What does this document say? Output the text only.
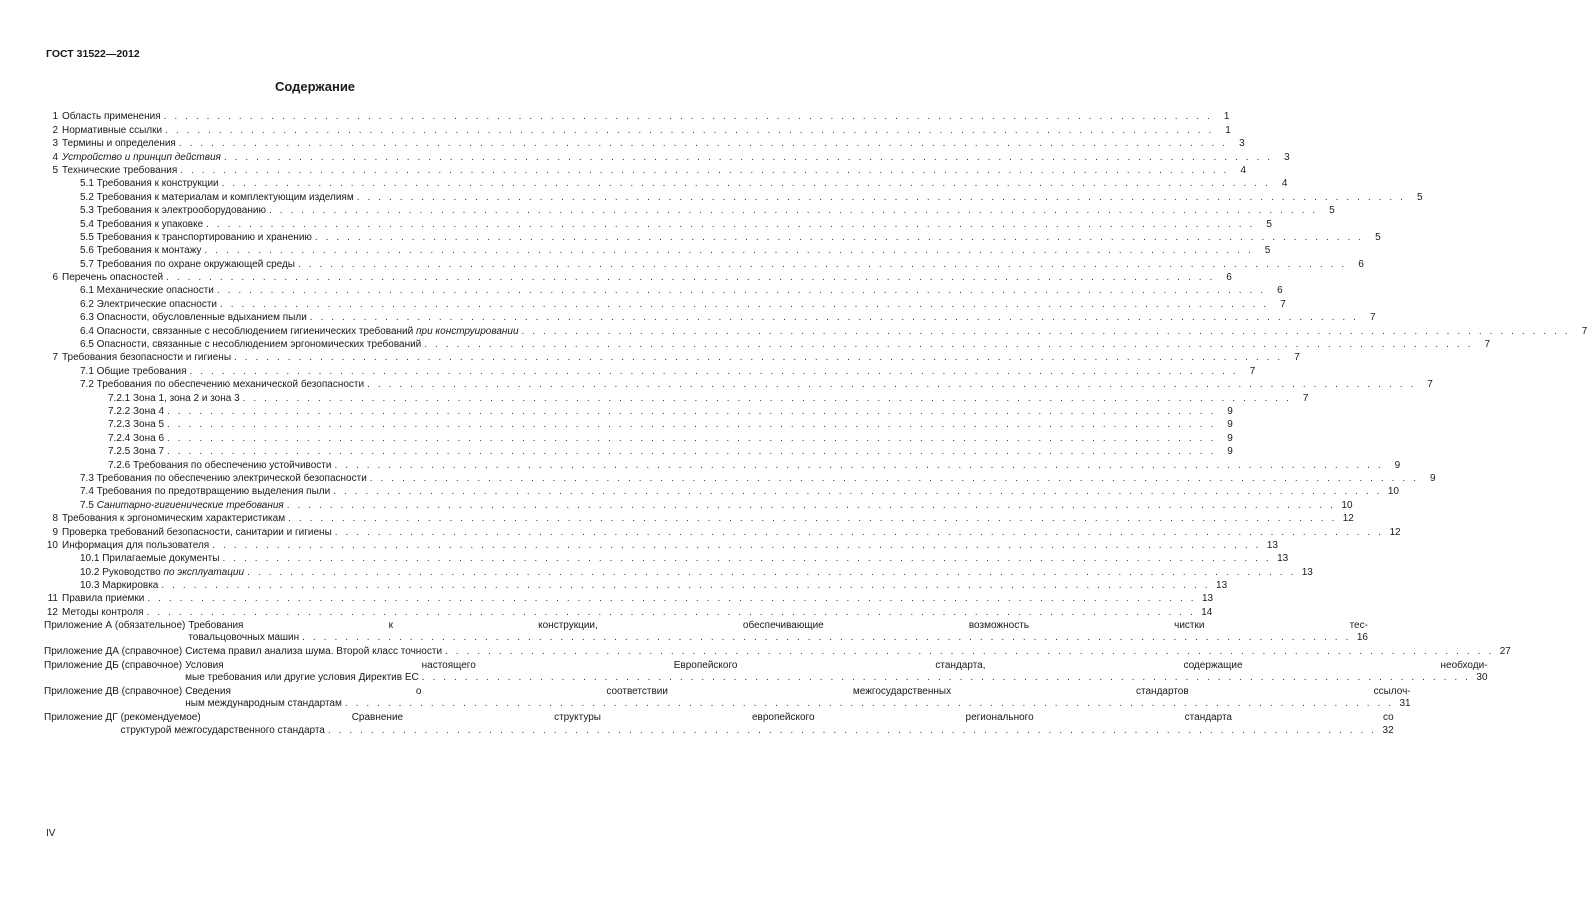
ГОСТ 31522—2012
Содержание
1 Область применения . . .	1
2 Нормативные ссылки . . .	1
3 Термины и определения . . .	3
4 Устройство и принцип действия . . .	3
5 Технические требования . . .	4
5.1 Требования к конструкции . . .	4
5.2 Требования к материалам и комплектующим изделиям . . .	5
5.3 Требования к электрооборудованию . . .	5
5.4 Требования к упаковке . . .	5
5.5 Требования к транспортированию и хранению . . .	5
5.6 Требования к монтажу . . .	5
5.7 Требования по охране окружающей среды . . .	6
6 Перечень опасностей . . .	6
6.1 Механические опасности . . .	6
6.2 Электрические опасности . . .	7
6.3 Опасности, обусловленные вдыханием пыли . . .	7
6.4 Опасности, связанные с несоблюдением гигиенических требований при конструировании . . .	7
6.5 Опасности, связанные с несоблюдением эргономических требований . . .	7
7 Требования безопасности и гигиены . . .	7
7.1 Общие требования . . .	7
7.2 Требования по обеспечению механической безопасности . . .	7
7.2.1 Зона 1, зона 2 и зона 3 . . .	7
7.2.2 Зона 4 . . .	9
7.2.3 Зона 5 . . .	9
7.2.4 Зона 6 . . .	9
7.2.5 Зона 7 . . .	9
7.2.6 Требования по обеспечению устойчивости . . .	9
7.3 Требования по обеспечению электрической безопасности . . .	9
7.4 Требования по предотвращению выделения пыли . . .	10
7.5 Санитарно-гигиенические требования . . .	10
8 Требования к эргономическим характеристикам . . .	12
9 Проверка требований безопасности, санитарии и гигиены . . .	12
10 Информация для пользователя . . .	13
10.1 Прилагаемые документы . . .	13
10.2 Руководство по эксплуатации . . .	13
10.3 Маркировка . . .	13
11 Правила приемки . . .	13
12 Методы контроля . . .	14
Приложение А (обязательное) Требования к конструкции, обеспечивающие возможность чистки тес-
товальцовочных машин . . .	16
Приложение ДА (справочное) Система правил анализа шума. Второй класс точности . . .	27
Приложение ДБ (справочное) Условия настоящего Европейского стандарта, содержащие необходи-
мые требования или другие условия Директив ЕС . . .	30
Приложение ДВ (справочное) Сведения о соответствии межгосударственных стандартов ссылоч-
ным международным стандартам . . .	31
Приложение ДГ (рекомендуемое) Сравнение структуры европейского регионального стандарта со
структурой межгосударственного стандарта . . .	32
IV
